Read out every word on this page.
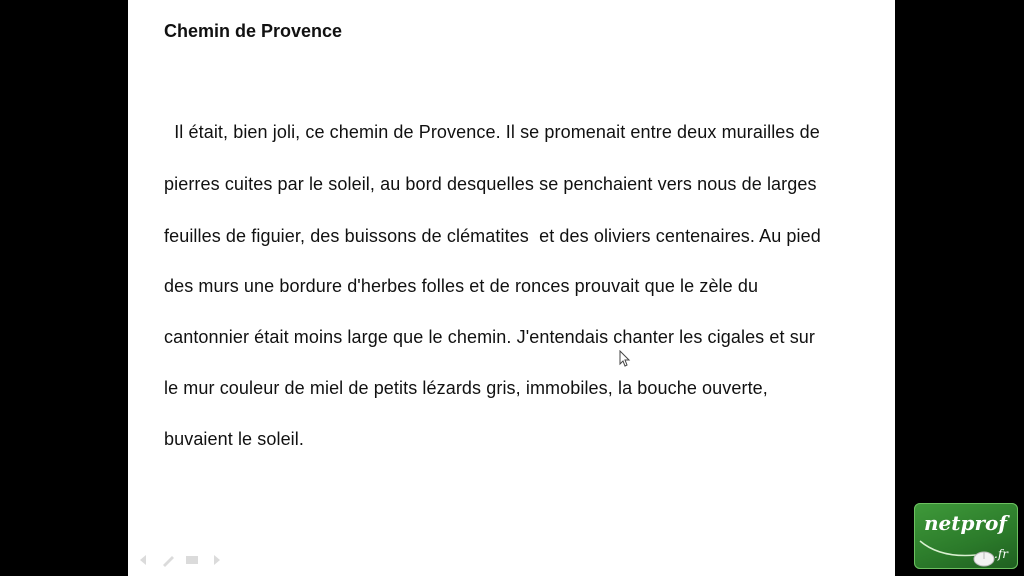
Chemin de Provence
Il était, bien joli, ce chemin de Provence. Il se promenait entre deux murailles de
pierres cuites par le soleil, au bord desquelles se penchaient vers nous de larges
feuilles de figuier, des buissons de clématites  et des oliviers centenaires. Au pied
des murs une bordure d'herbes folles et de ronces prouvait que le zèle du
cantonnier était moins large que le chemin. J'entendais chanter les cigales et sur
le mur couleur de miel de petits lézards gris, immobiles, la bouche ouverte,
buvaient le soleil.
netprof
.fr
